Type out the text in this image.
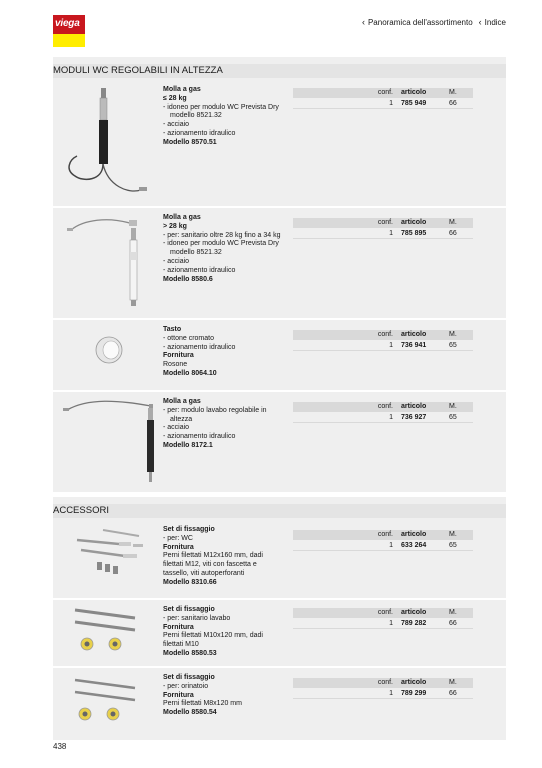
viega	‹ Panoramica dell'assortimento ‹ Indice
MODULI WC REGOLABILI IN ALTEZZA
ACCESSORI
Molla a gas
≤ 28 kg
- idoneo per modulo WC Prevista Dry modello 8521.32
- acciaio
- azionamento idraulico
Modello 8570.51
conf.	articolo	M.
1	785 949	66
Molla a gas
> 28 kg
- per: sanitario oltre 28 kg fino a 34 kg
- idoneo per modulo WC Prevista Dry modello 8521.32
- acciaio
- azionamento idraulico
Modello 8580.6
conf.	articolo	M.
1	785 895	66
Tasto
- ottone cromato
- azionamento idraulico
Fornitura
Rosone
Modello 8064.10
conf.	articolo	M.
1	736 941	65
Molla a gas
- per: modulo lavabo regolabile in altezza
- acciaio
- azionamento idraulico
Modello 8172.1
conf.	articolo	M.
1	736 927	65
Set di fissaggio
- per: WC
Fornitura
Perni filettati M12x160 mm, dadi filettati M12, viti con fascetta e tassello, viti autoperforanti
Modello 8310.66
conf.	articolo	M.
1	633 264	65
Set di fissaggio
- per: sanitario lavabo
Fornitura
Perni filettati M10x120 mm, dadi filettati M10
Modello 8580.53
conf.	articolo	M.
1	789 282	66
Set di fissaggio
- per: orinatoio
Fornitura
Perni filettati M8x120 mm
Modello 8580.54
conf.	articolo	M.
1	789 299	66
438
